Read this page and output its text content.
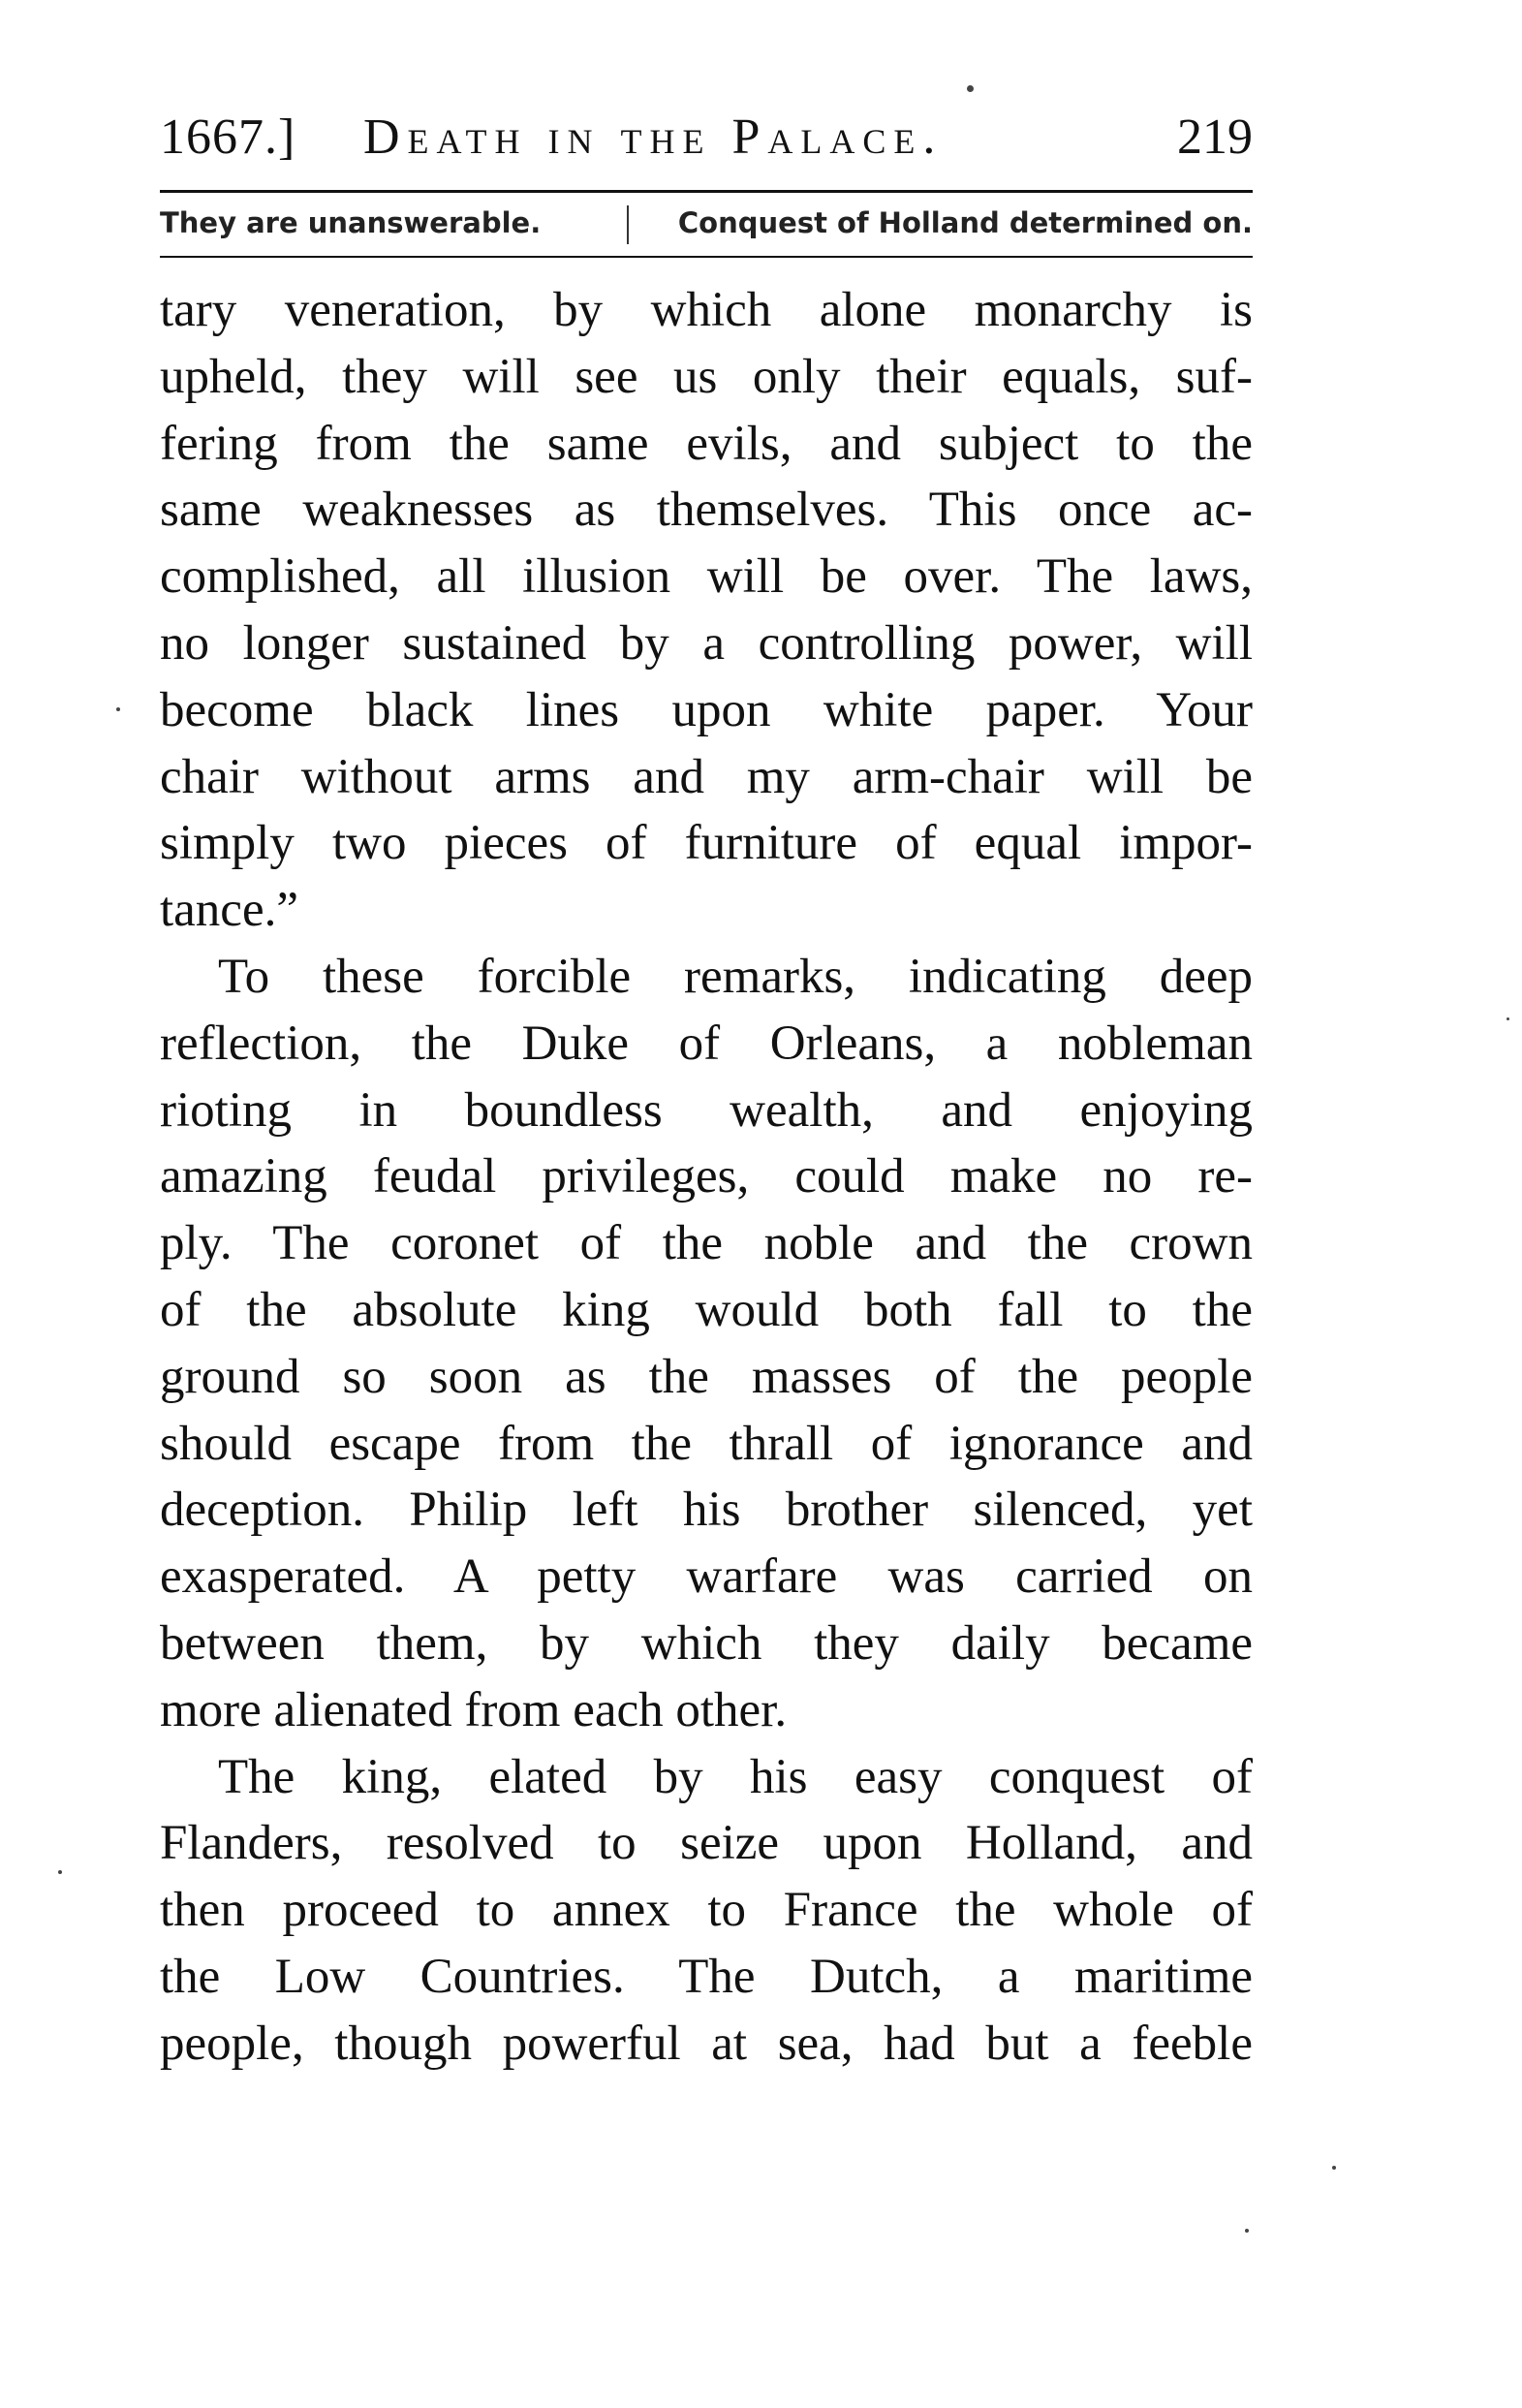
1667.] Death in the Palace.	219
They are unanswerable.	Conquest of Holland determined on.
tary veneration, by which alone monarchy is
upheld, they will see us only their equals, suf-
fering from the same evils, and subject to the
same weaknesses as themselves. This once ac-
complished, all illusion will be over. The laws,
no longer sustained by a controlling power, will
become black lines upon white paper. Your
chair without arms and my arm-chair will be
simply two pieces of furniture of equal impor-
tance.”
To these forcible remarks, indicating deep
reflection, the Duke of Orleans, a nobleman
rioting in boundless wealth, and enjoying
amazing feudal privileges, could make no re-
ply. The coronet of the noble and the crown
of the absolute king would both fall to the
ground so soon as the masses of the people
should escape from the thrall of ignorance and
deception. Philip left his brother silenced, yet
exasperated. A petty warfare was carried on
between them, by which they daily became
more alienated from each other.
The king, elated by his easy conquest of
Flanders, resolved to seize upon Holland, and
then proceed to annex to France the whole of
the Low Countries. The Dutch, a maritime
people, though powerful at sea, had but a feeble
